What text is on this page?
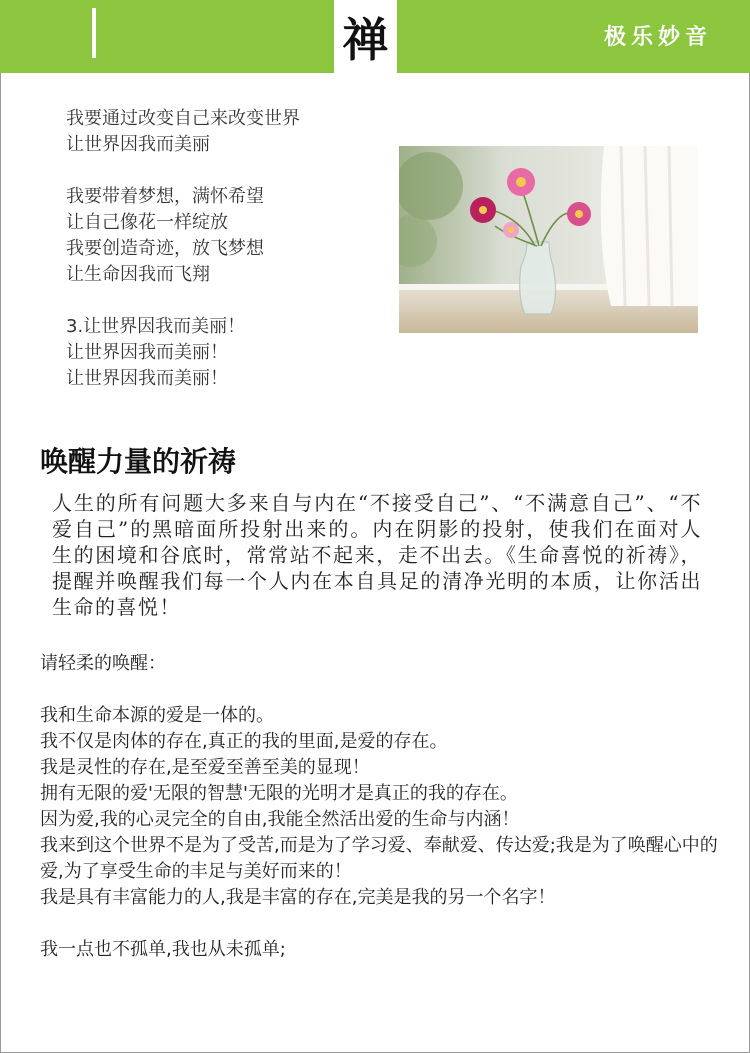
禅	极乐妙音

我要通过改变自己来改变世界

让世界因我而美丽

我要带着梦想，满怀希望

让自己像花一样绽放

我要创造奇迹，放飞梦想

让生命因我而飞翔

3.让世界因我而美丽！

让世界因我而美丽！

让世界因我而美丽！

唤醒力量的祈祷

人生的所有问题大多来自与内在“不接受自己”、“不满意自己”、“不爱自己”的黑暗面所投射出来的。内在阴影的投射，使我们在面对人生的困境和谷底时，常常站不起来，走不出去。《生命喜悦的祈祷》，提醒并唤醒我们每一个人内在本自具足的清净光明的本质，让你活出生命的喜悦！

请轻柔的唤醒：

我和生命本源的爱是一体的。

我不仅是肉体的存在,真正的我的里面,是爱的存在。

我是灵性的存在,是至爱至善至美的显现！

拥有无限的爱'无限的智慧'无限的光明才是真正的我的存在。

因为爱,我的心灵完全的自由,我能全然活出爱的生命与内涵！

我来到这个世界不是为了受苦,而是为了学习爱、奉献爱、传达爱;我是为了唤醒心中的爱,为了享受生命的丰足与美好而来的！

我是具有丰富能力的人,我是丰富的存在,完美是我的另一个名字！

我一点也不孤单,我也从未孤单;
